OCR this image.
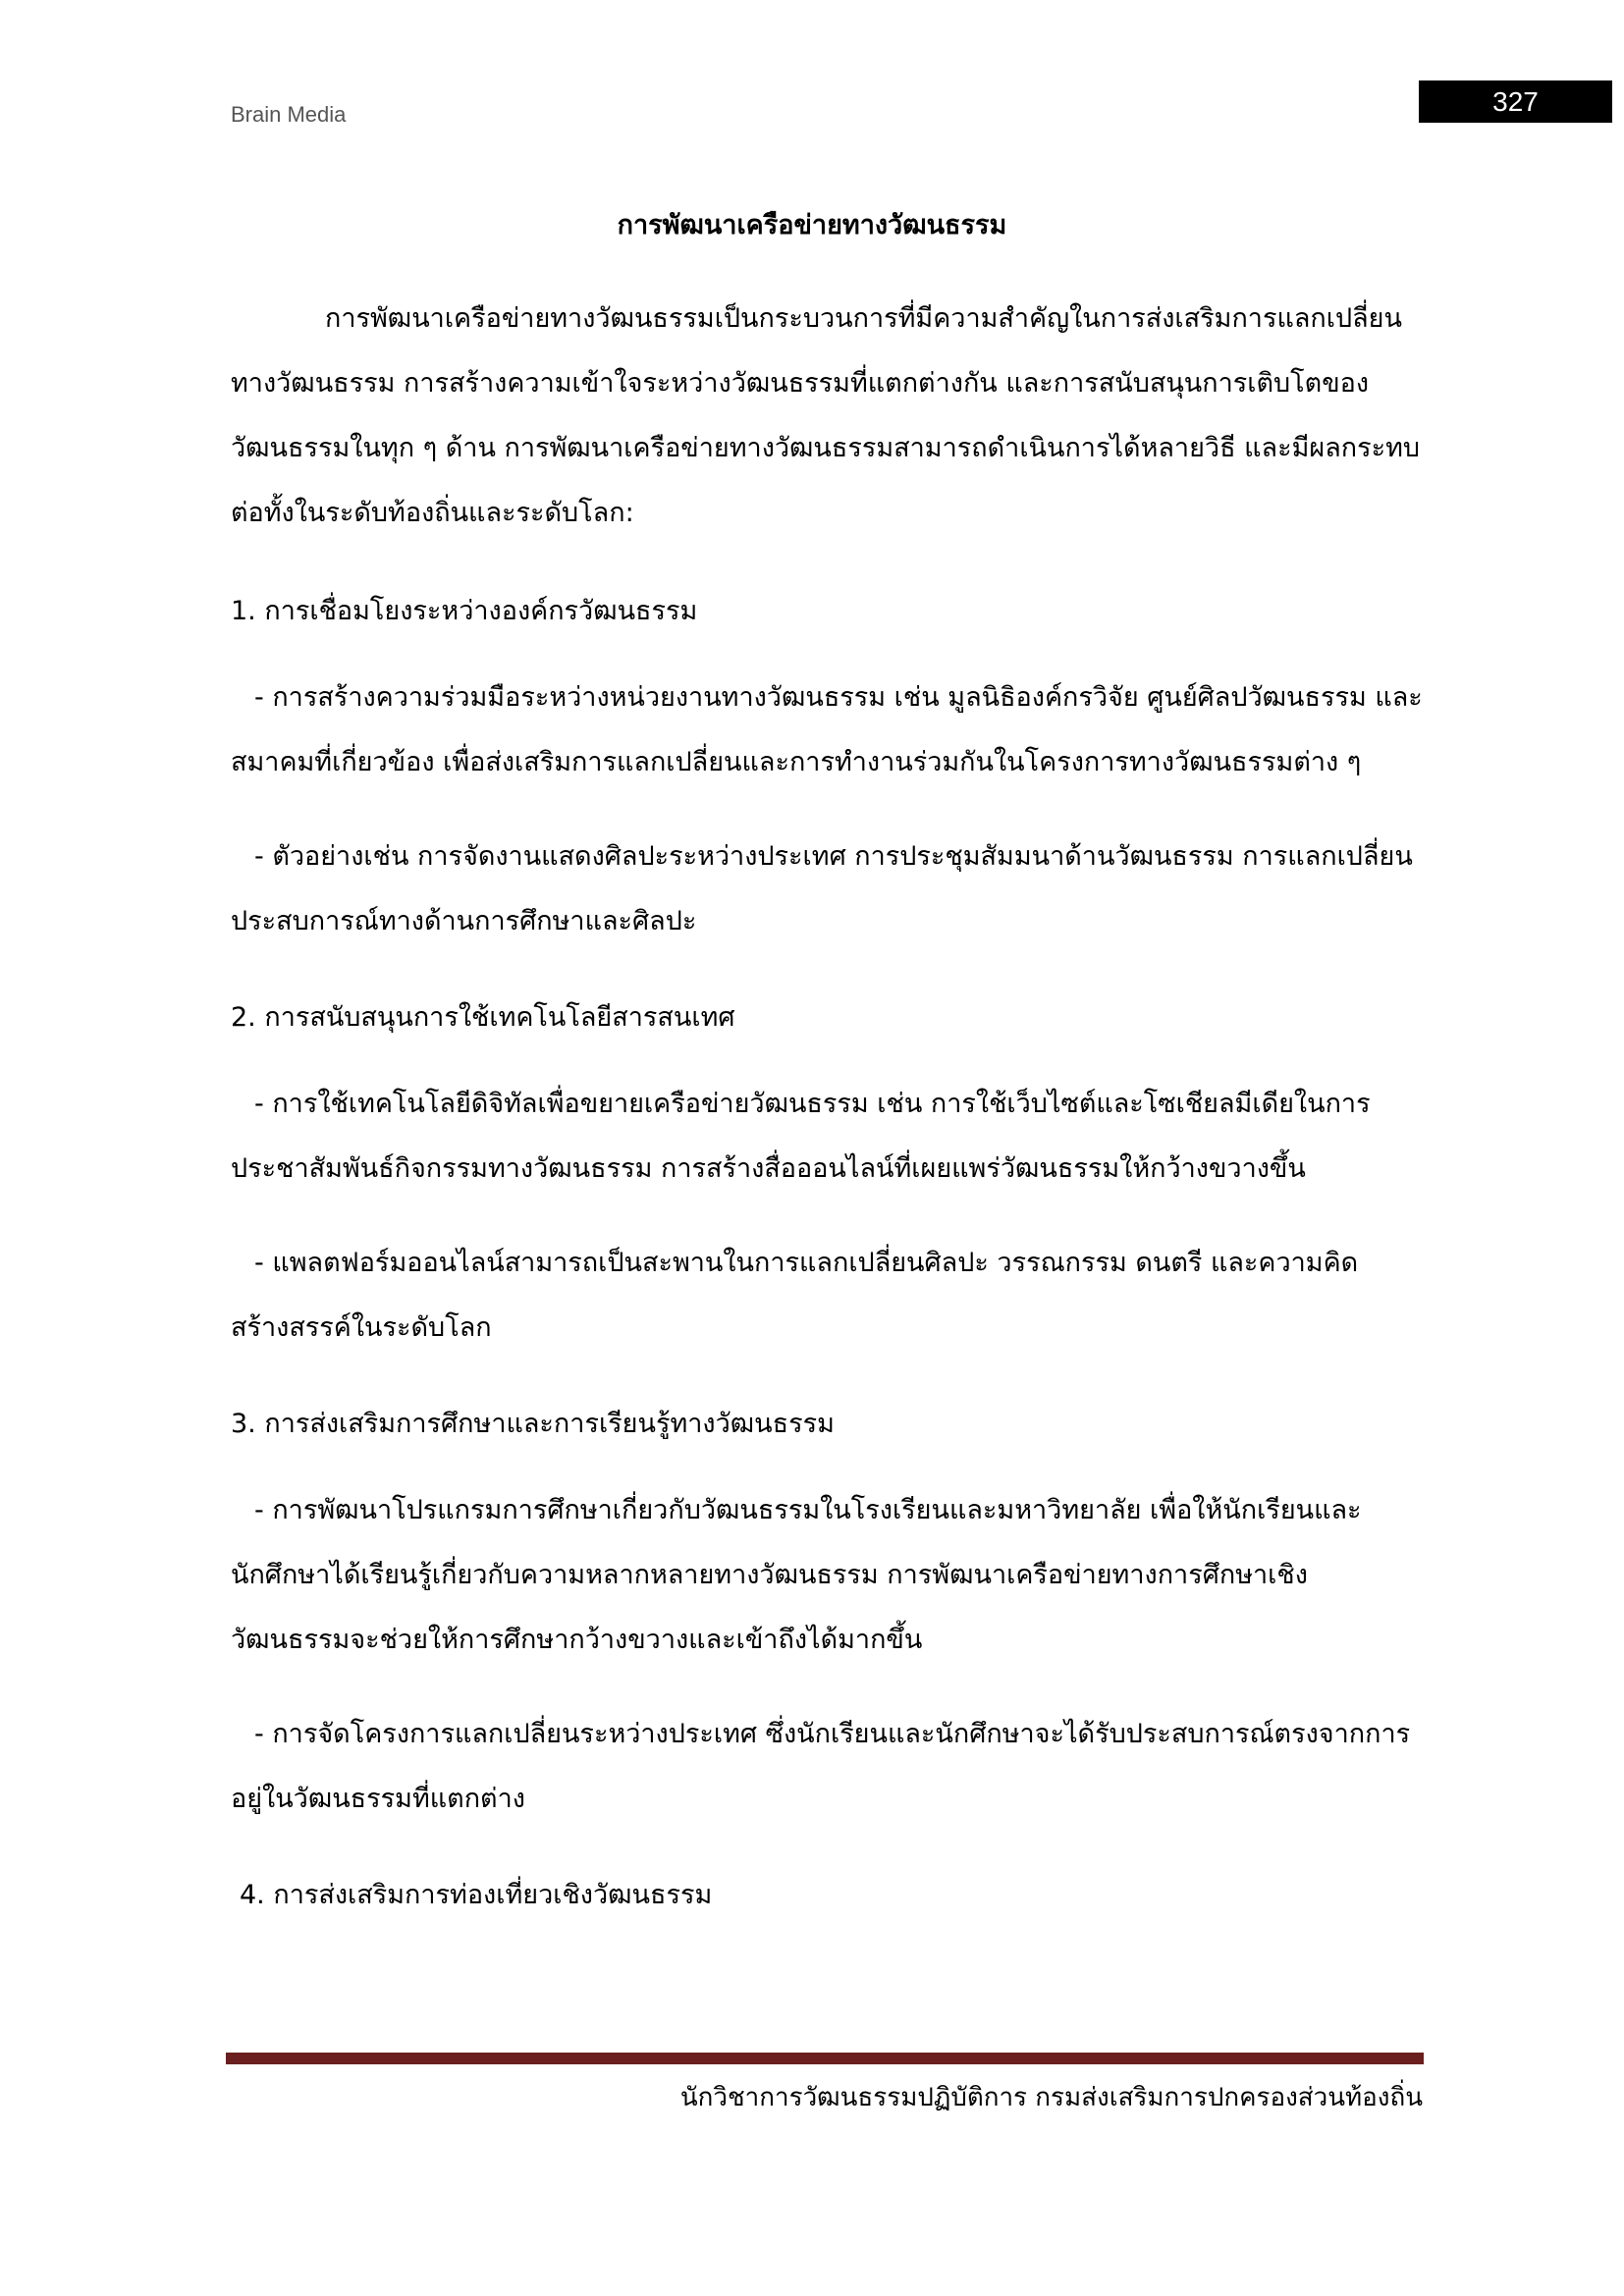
Brain Media	327
การพัฒนาเครือข่ายทางวัฒนธรรม

การพัฒนาเครือข่ายทางวัฒนธรรมเป็นกระบวนการที่มีความสำคัญในการส่งเสริมการแลกเปลี่ยนทางวัฒนธรรม การสร้างความเข้าใจระหว่างวัฒนธรรมที่แตกต่างกัน และการสนับสนุนการเติบโตของวัฒนธรรมในทุก ๆ ด้าน การพัฒนาเครือข่ายทางวัฒนธรรมสามารถดำเนินการได้หลายวิธี และมีผลกระทบต่อทั้งในระดับท้องถิ่นและระดับโลก:

1. การเชื่อมโยงระหว่างองค์กรวัฒนธรรม

- การสร้างความร่วมมือระหว่างหน่วยงานทางวัฒนธรรม เช่น มูลนิธิองค์กรวิจัย ศูนย์ศิลปวัฒนธรรม และสมาคมที่เกี่ยวข้อง เพื่อส่งเสริมการแลกเปลี่ยนและการทำงานร่วมกันในโครงการทางวัฒนธรรมต่าง ๆ

- ตัวอย่างเช่น การจัดงานแสดงศิลปะระหว่างประเทศ การประชุมสัมมนาด้านวัฒนธรรม การแลกเปลี่ยนประสบการณ์ทางด้านการศึกษาและศิลปะ

2. การสนับสนุนการใช้เทคโนโลยีสารสนเทศ

- การใช้เทคโนโลยีดิจิทัลเพื่อขยายเครือข่ายวัฒนธรรม เช่น การใช้เว็บไซต์และโซเชียลมีเดียในการประชาสัมพันธ์กิจกรรมทางวัฒนธรรม การสร้างสื่อออนไลน์ที่เผยแพร่วัฒนธรรมให้กว้างขวางขึ้น

- แพลตฟอร์มออนไลน์สามารถเป็นสะพานในการแลกเปลี่ยนศิลปะ วรรณกรรม ดนตรี และความคิดสร้างสรรค์ในระดับโลก

3. การส่งเสริมการศึกษาและการเรียนรู้ทางวัฒนธรรม

- การพัฒนาโปรแกรมการศึกษาเกี่ยวกับวัฒนธรรมในโรงเรียนและมหาวิทยาลัย เพื่อให้นักเรียนและนักศึกษาได้เรียนรู้เกี่ยวกับความหลากหลายทางวัฒนธรรม การพัฒนาเครือข่ายทางการศึกษาเชิงวัฒนธรรมจะช่วยให้การศึกษากว้างขวางและเข้าถึงได้มากขึ้น

- การจัดโครงการแลกเปลี่ยนระหว่างประเทศ ซึ่งนักเรียนและนักศึกษาจะได้รับประสบการณ์ตรงจากการอยู่ในวัฒนธรรมที่แตกต่าง

4. การส่งเสริมการท่องเที่ยวเชิงวัฒนธรรม

นักวิชาการวัฒนธรรมปฏิบัติการ กรมส่งเสริมการปกครองส่วนท้องถิ่น
